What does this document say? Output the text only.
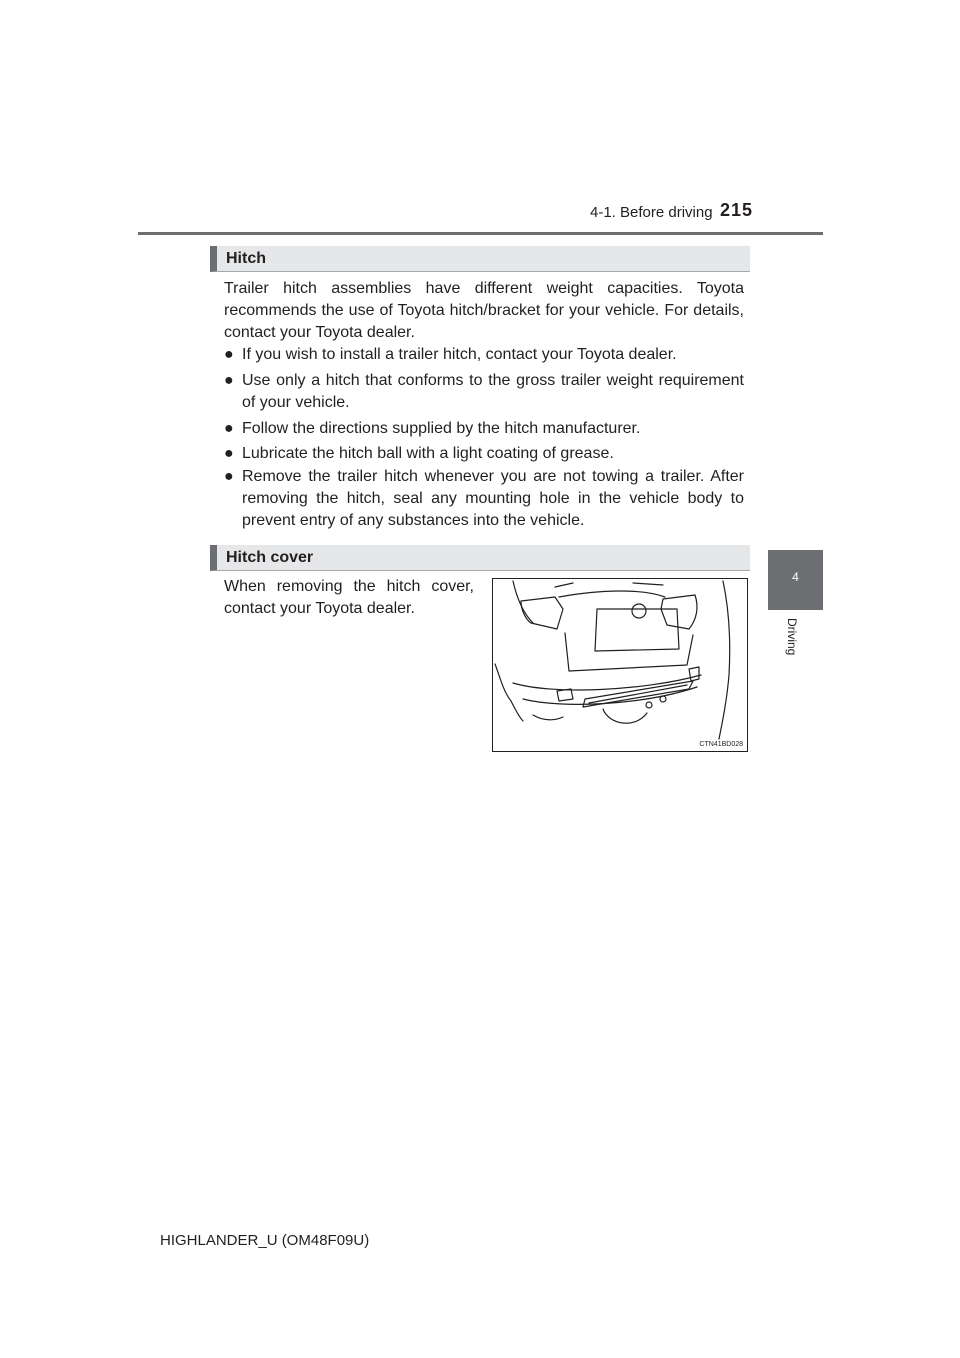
4-1. Before driving 215
4
Driving
Hitch
Trailer hitch assemblies have different weight capacities. Toyota recommends the use of Toyota hitch/bracket for your vehicle. For details, contact your Toyota dealer.
● If you wish to install a trailer hitch, contact your Toyota dealer.
● Use only a hitch that conforms to the gross trailer weight requirement of your vehicle.
● Follow the directions supplied by the hitch manufacturer.
● Lubricate the hitch ball with a light coating of grease.
● Remove the trailer hitch whenever you are not towing a trailer. After removing the hitch, seal any mounting hole in the vehicle body to prevent entry of any substances into the vehicle.
Hitch cover
When removing the hitch cover, contact your Toyota dealer.
CTN41BD028
HIGHLANDER_U (OM48F09U)
